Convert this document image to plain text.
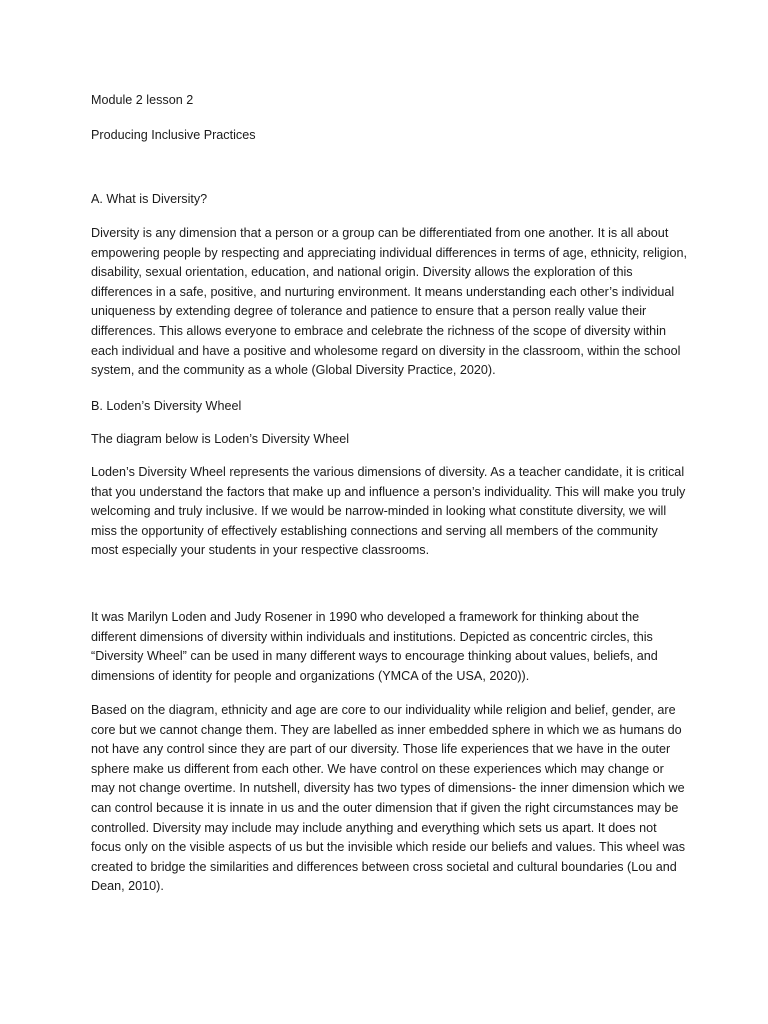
Module 2 lesson 2

Producing Inclusive Practices

A. What is Diversity?

Diversity is any dimension that a person or a group can be differentiated from one another. It is all about empowering people by respecting and appreciating individual differences in terms of age, ethnicity, religion, disability, sexual orientation, education, and national origin. Diversity allows the exploration of this differences in a safe, positive, and nurturing environment. It means understanding each other’s individual uniqueness by extending degree of tolerance and patience to ensure that a person really value their differences. This allows everyone to embrace and celebrate the richness of the scope of diversity within each individual and have a positive and wholesome regard on diversity in the classroom, within the school system, and the community as a whole (Global Diversity Practice, 2020).

B. Loden’s Diversity Wheel

The diagram below is Loden’s Diversity Wheel

Loden’s Diversity Wheel represents the various dimensions of diversity. As a teacher candidate, it is critical that you understand the factors that make up and influence a person’s individuality. This will make you truly welcoming and truly inclusive. If we would be narrow-minded in looking what constitute diversity, we will miss the opportunity of effectively establishing connections and serving all members of the community most especially your students in your respective classrooms.

It was Marilyn Loden and Judy Rosener in 1990 who developed a framework for thinking about the different dimensions of diversity within individuals and institutions. Depicted as concentric circles, this “Diversity Wheel” can be used in many different ways to encourage thinking about values, beliefs, and dimensions of identity for people and organizations (YMCA of the USA, 2020)).

Based on the diagram, ethnicity and age are core to our individuality while religion and belief, gender, are core but we cannot change them. They are labelled as inner embedded sphere in which we as humans do not have any control since they are part of our diversity. Those life experiences that we have in the outer sphere make us different from each other. We have control on these experiences which may change or may not change overtime. In nutshell, diversity has two types of dimensions- the inner dimension which we can control because it is innate in us and the outer dimension that if given the right circumstances may be controlled. Diversity may include may include anything and everything which sets us apart. It does not focus only on the visible aspects of us but the invisible which reside our beliefs and values. This wheel was created to bridge the similarities and differences between cross societal and cultural boundaries (Lou and Dean, 2010).
